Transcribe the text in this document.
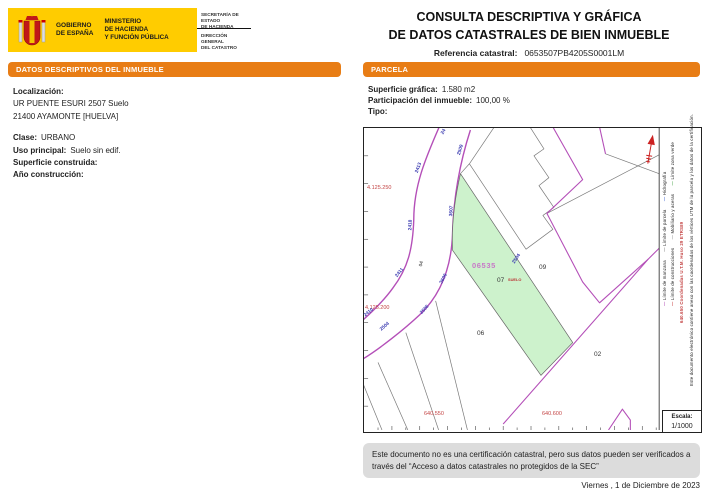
GOBIERNO
DE ESPAÑA
MINISTERIO
DE HACIENDA
Y FUNCIÓN PÚBLICA
SECRETARÍA DE ESTADO
DE HACIENDA
DIRECCIÓN GENERAL
DEL CATASTRO
CONSULTA DESCRIPTIVA Y GRÁFICA
DE DATOS CATASTRALES DE BIEN INMUEBLE
Referencia catastral: 0653507PB4205S0001LM
DATOS DESCRIPTIVOS DEL INMUEBLE
Localización:
UR PUENTE ESURI 2507 Suelo
21400 AYAMONTE [HUELVA]
Clase: URBANO
Uso principal: Suelo sin edif.
Superficie construida:
Año construcción:
PARCELA
Superficie gráfica: 1.580 m2
Participación del inmueble: 100,00 %
Tipo:
4.125.250
4.125.200
640.550	640.600
24
2509
2413
3607
2418
04
2411
3606
2506
2410
2504
2504
06535
07 SUELO
09
06
02
— Límite de manzana  — Límite de parcela  — Hidrografía
— Límite de construcciones  — Mobiliario y aceras  — Límite zona verde
640.650 Coordenadas U.T.M. Huso 29 ETRS89 Este documento electrónico contiene anexo con las coordenadas de los vértices UTM de la parcela y los datos de la certificación.
Escala:
1/1000
Este documento no es una certificación catastral, pero sus datos pueden ser verificados a través del “Acceso a datos catastrales no protegidos de la SEC”
Viernes , 1 de Diciembre de 2023
